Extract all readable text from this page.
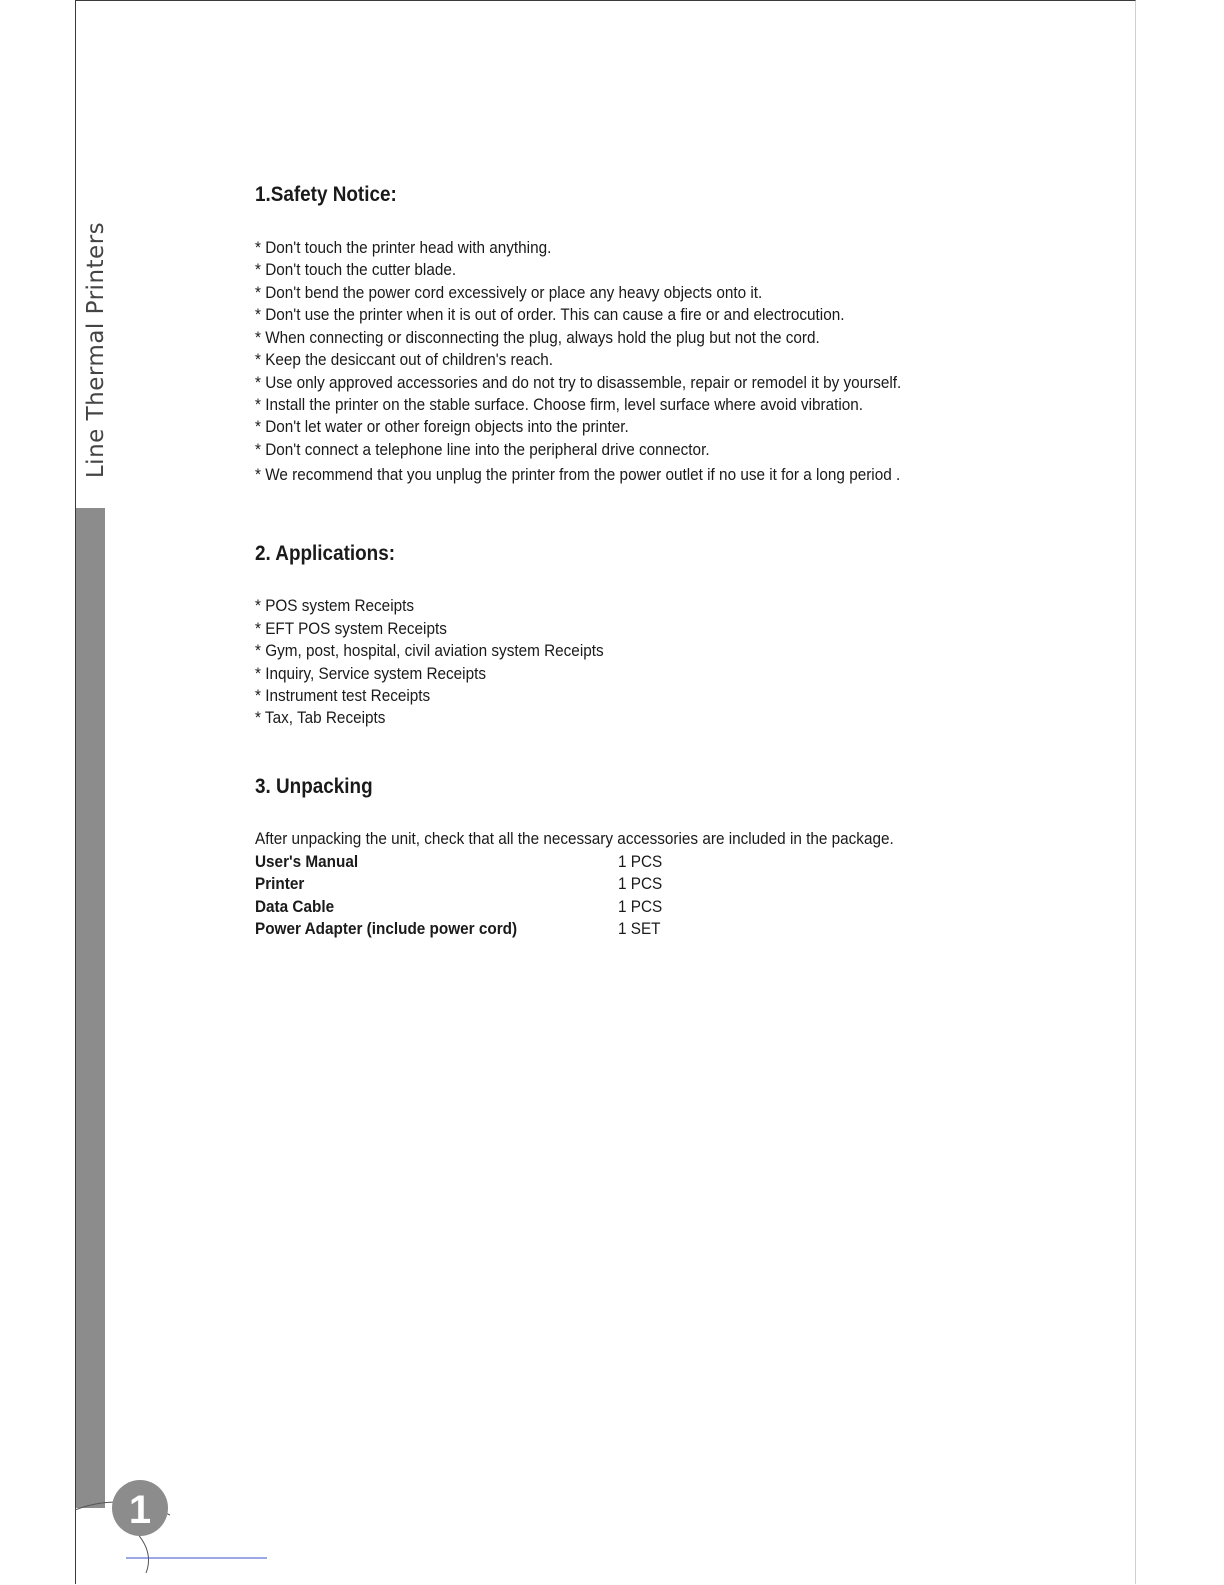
Line Thermal Printers
1
1.Safety Notice:
* Don't touch the printer head with anything.
* Don't touch the cutter blade.
* Don't bend the power cord excessively or place any heavy objects onto it.
* Don't use the printer when it is out of order. This can cause a fire or and electrocution.
* When connecting or disconnecting the plug, always hold the plug but not the cord.
* Keep the desiccant out of children's reach.
* Use only approved accessories and do not try to disassemble, repair or remodel it by yourself.
* Install the printer on the stable surface. Choose firm, level surface where avoid vibration.
* Don't let water or other foreign objects into the printer.
* Don't connect a telephone line into the peripheral drive connector.
* We recommend that you unplug the printer from the power outlet if no use it for a long period .
2. Applications:
* POS system Receipts
* EFT POS system Receipts
* Gym, post, hospital, civil aviation system Receipts
* Inquiry, Service system Receipts
* Instrument test Receipts
* Tax, Tab Receipts
3. Unpacking
After unpacking the unit, check that all the necessary accessories are included in the package.
User's Manual	1 PCS
Printer	1 PCS
Data Cable	1 PCS
Power Adapter (include power cord)	1 SET
